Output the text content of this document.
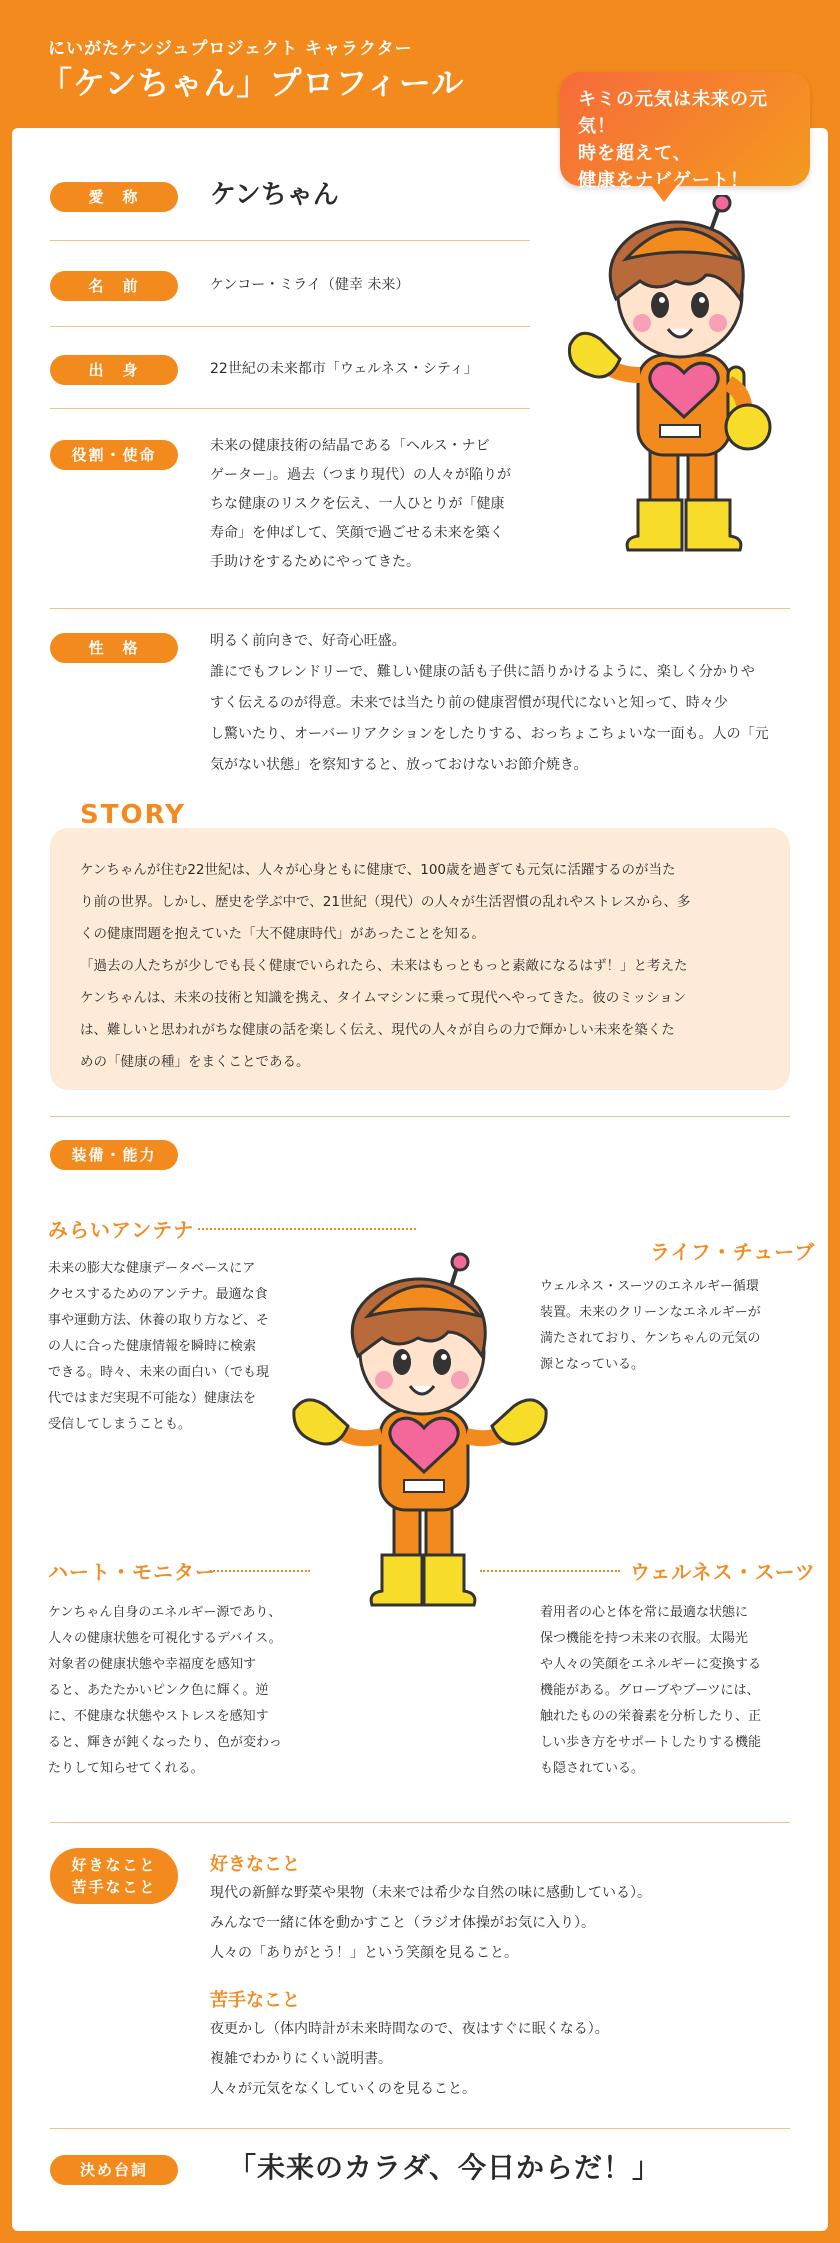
にいがたケンジュプロジェクト キャラクター
「ケンちゃん」プロフィール	キミの元気は未来の元気！
時を超えて、
健康をナビゲート！
愛　称	ケンちゃん
名　前	ケンコー・ミライ（健幸 未来）
出　身	22世紀の未来都市「ウェルネス・シティ」
役割・使命	未来の健康技術の結晶である「ヘルス・ナビ
ゲーター」。過去（つまり現代）の人々が陥りが
ちな健康のリスクを伝え、一人ひとりが「健康
寿命」を伸ばして、笑顔で過ごせる未来を築く
手助けをするためにやってきた。
性　格	明るく前向きで、好奇心旺盛。
誰にでもフレンドリーで、難しい健康の話も子供に語りかけるように、楽しく分かりや
すく伝えるのが得意。未来では当たり前の健康習慣が現代にないと知って、時々少
し驚いたり、オーバーリアクションをしたりする、おっちょこちょいな一面も。人の「元
気がない状態」を察知すると、放っておけないお節介焼き。
ケンちゃんが住む22世紀は、人々が心身ともに健康で、100歳を過ぎても元気に活躍するのが当た
り前の世界。しかし、歴史を学ぶ中で、21世紀（現代）の人々が生活習慣の乱れやストレスから、多
くの健康問題を抱えていた「大不健康時代」があったことを知る。
「過去の人たちが少しでも長く健康でいられたら、未来はもっともっと素敵になるはず！」と考えた
ケンちゃんは、未来の技術と知識を携え、タイムマシンに乗って現代へやってきた。彼のミッション
は、難しいと思われがちな健康の話を楽しく伝え、現代の人々が自らの力で輝かしい未来を築くた
めの「健康の種」をまくことである。
STORY
装備・能力
みらいアンテナ
未来の膨大な健康データベースにア
クセスするためのアンテナ。最適な食
事や運動方法、休養の取り方など、そ
の人に合った健康情報を瞬時に検索
できる。時々、未来の面白い（でも現
代ではまだ実現不可能な）健康法を
受信してしまうことも。
ライフ・チューブ
ウェルネス・スーツのエネルギー循環
装置。未来のクリーンなエネルギーが
満たされており、ケンちゃんの元気の
源となっている。
ハート・モニター
ケンちゃん自身のエネルギー源であり、
人々の健康状態を可視化するデバイス。
対象者の健康状態や幸福度を感知す
ると、あたたかいピンク色に輝く。逆
に、不健康な状態やストレスを感知す
ると、輝きが鈍くなったり、色が変わっ
たりして知らせてくれる。
ウェルネス・スーツ
着用者の心と体を常に最適な状態に
保つ機能を持つ未来の衣服。太陽光
や人々の笑顔をエネルギーに変換する
機能がある。グローブやブーツには、
触れたものの栄養素を分析したり、正
しい歩き方をサポートしたりする機能
も隠されている。
好きなこと
苦手なこと
好きなこと
現代の新鮮な野菜や果物（未来では希少な自然の味に感動している）。
みんなで一緒に体を動かすこと（ラジオ体操がお気に入り）。
人々の「ありがとう！」という笑顔を見ること。
苦手なこと
夜更かし（体内時計が未来時間なので、夜はすぐに眠くなる）。
複雑でわかりにくい説明書。
人々が元気をなくしていくのを見ること。
決め台詞	「未来のカラダ、今日からだ！」
